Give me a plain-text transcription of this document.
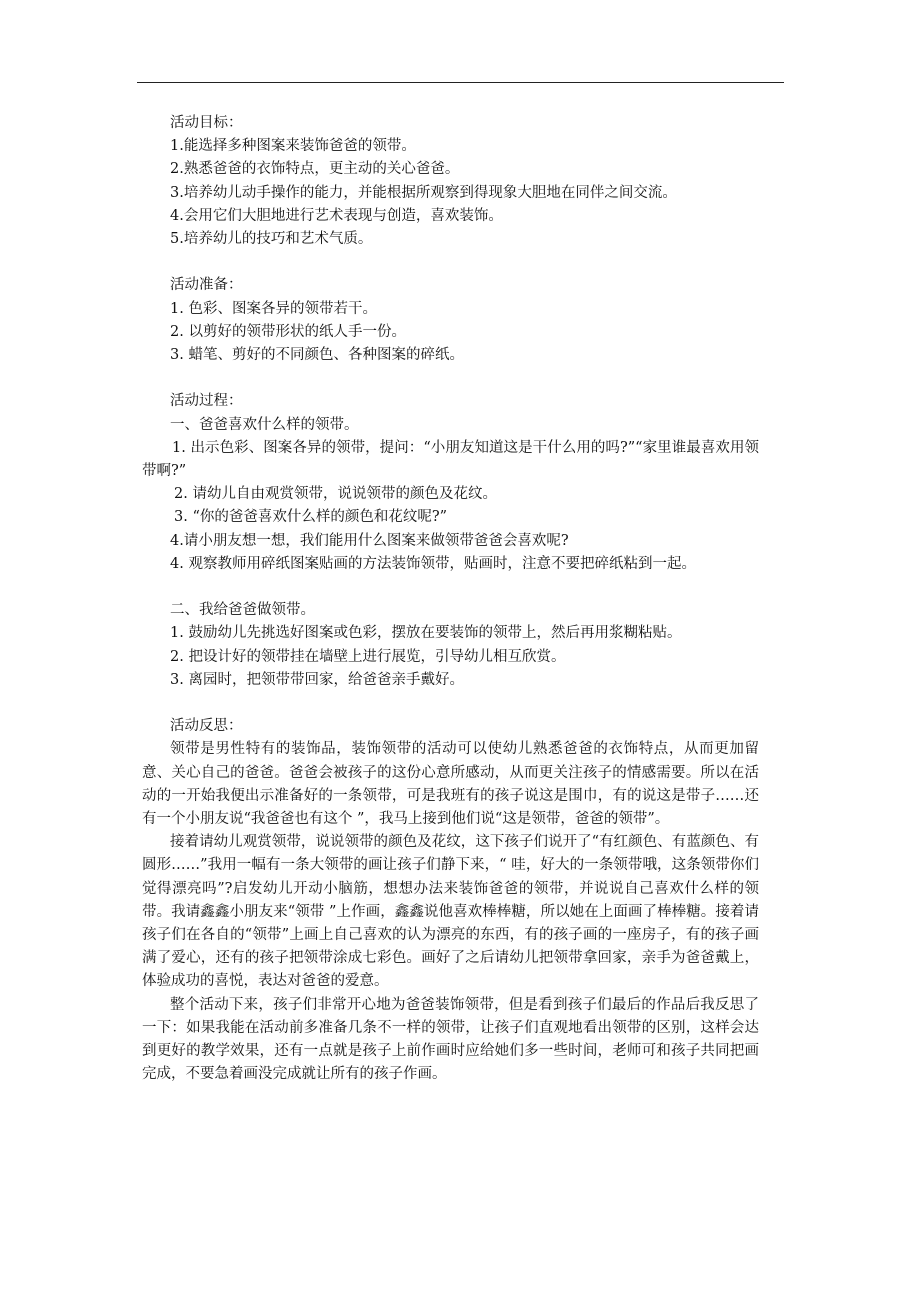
活动目标：

1.能选择多种图案来装饰爸爸的领带。

2.熟悉爸爸的衣饰特点，更主动的关心爸爸。

3.培养幼儿动手操作的能力，并能根据所观察到得现象大胆地在同伴之间交流。

4.会用它们大胆地进行艺术表现与创造，喜欢装饰。

5.培养幼儿的技巧和艺术气质。

活动准备：

1. 色彩、图案各异的领带若干。

2. 以剪好的领带形状的纸人手一份。

3. 蜡笔、剪好的不同颜色、各种图案的碎纸。

活动过程：

一、爸爸喜欢什么样的领带。

1. 出示色彩、图案各异的领带，提问：“小朋友知道这是干什么用的吗?”“家里谁最喜欢用领带啊?”

2. 请幼儿自由观赏领带，说说领带的颜色及花纹。

3. “你的爸爸喜欢什么样的颜色和花纹呢?”

4.请小朋友想一想，我们能用什么图案来做领带爸爸会喜欢呢?

4. 观察教师用碎纸图案贴画的方法装饰领带，贴画时，注意不要把碎纸粘到一起。

二、我给爸爸做领带。

1. 鼓励幼儿先挑选好图案或色彩，摆放在要装饰的领带上，然后再用浆糊粘贴。

2. 把设计好的领带挂在墙壁上进行展览，引导幼儿相互欣赏。

3. 离园时，把领带带回家，给爸爸亲手戴好。

活动反思：

领带是男性特有的装饰品，装饰领带的活动可以使幼儿熟悉爸爸的衣饰特点，从而更加留意、关心自己的爸爸。爸爸会被孩子的这份心意所感动，从而更关注孩子的情感需要。所以在活动的一开始我便出示准备好的一条领带，可是我班有的孩子说这是围巾，有的说这是带子……还有一个小朋友说“我爸爸也有这个 ”，我马上接到他们说“这是领带，爸爸的领带”。

接着请幼儿观赏领带，说说领带的颜色及花纹，这下孩子们说开了“有红颜色、有蓝颜色、有圆形……”我用一幅有一条大领带的画让孩子们静下来，“ 哇，好大的一条领带哦，这条领带你们觉得漂亮吗”?启发幼儿开动小脑筋，想想办法来装饰爸爸的领带，并说说自己喜欢什么样的领带。我请鑫鑫小朋友来“领带 ”上作画，鑫鑫说他喜欢棒棒糖，所以她在上面画了棒棒糖。接着请孩子们在各自的“领带”上画上自己喜欢的认为漂亮的东西，有的孩子画的一座房子，有的孩子画满了爱心，还有的孩子把领带涂成七彩色。画好了之后请幼儿把领带拿回家，亲手为爸爸戴上，体验成功的喜悦，表达对爸爸的爱意。

整个活动下来，孩子们非常开心地为爸爸装饰领带，但是看到孩子们最后的作品后我反思了一下：如果我能在活动前多准备几条不一样的领带，让孩子们直观地看出领带的区别，这样会达到更好的教学效果，还有一点就是孩子上前作画时应给她们多一些时间，老师可和孩子共同把画完成，不要急着画没完成就让所有的孩子作画。
